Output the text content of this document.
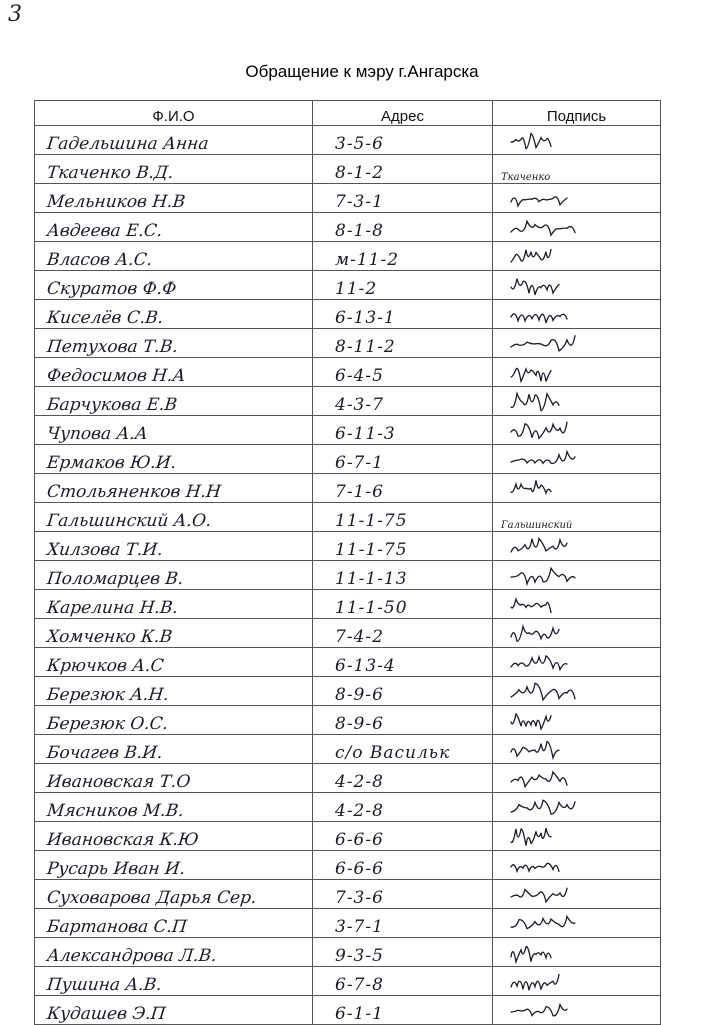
3
Обращение к мэру г.Ангарска
Ф.И.О	Адрес	Подпись

Гадельшина Анна	3-5-6

Ткаченко В.Д.	8-1-2	Ткаченко

Мельников Н.В	7-3-1

Авдеева Е.С.	8-1-8

Власов А.С.	м-11-2

Скуратов Ф.Ф	11-2

Киселёв С.В.	6-13-1

Петухова Т.В.	8-11-2

Федосимов Н.А	6-4-5

Барчукова Е.В	4-3-7

Чупова А.А	6-11-3

Ермаков Ю.И.	6-7-1

Стольяненков Н.Н	7-1-6

Гальшинский А.О.	11-1-75	Гальшинский

Хилзова Т.И.	11-1-75

Поломарцев В.	11-1-13

Карелина Н.В.	11-1-50

Хомченко К.В	7-4-2

Крючков А.С	6-13-4

Березюк А.Н.	8-9-6

Березюк О.С.	8-9-6

Бочагев В.И.	с/о Васильк

Ивановская Т.О	4-2-8

Мясников М.В.	4-2-8

Ивановская К.Ю	6-6-6

Русарь Иван И.	6-6-6

Суховарова Дарья Сер.	7-3-6

Бартанова С.П	3-7-1

Александрова Л.В.	9-3-5

Пушина А.В.	6-7-8

Кудашев Э.П	6-1-1
